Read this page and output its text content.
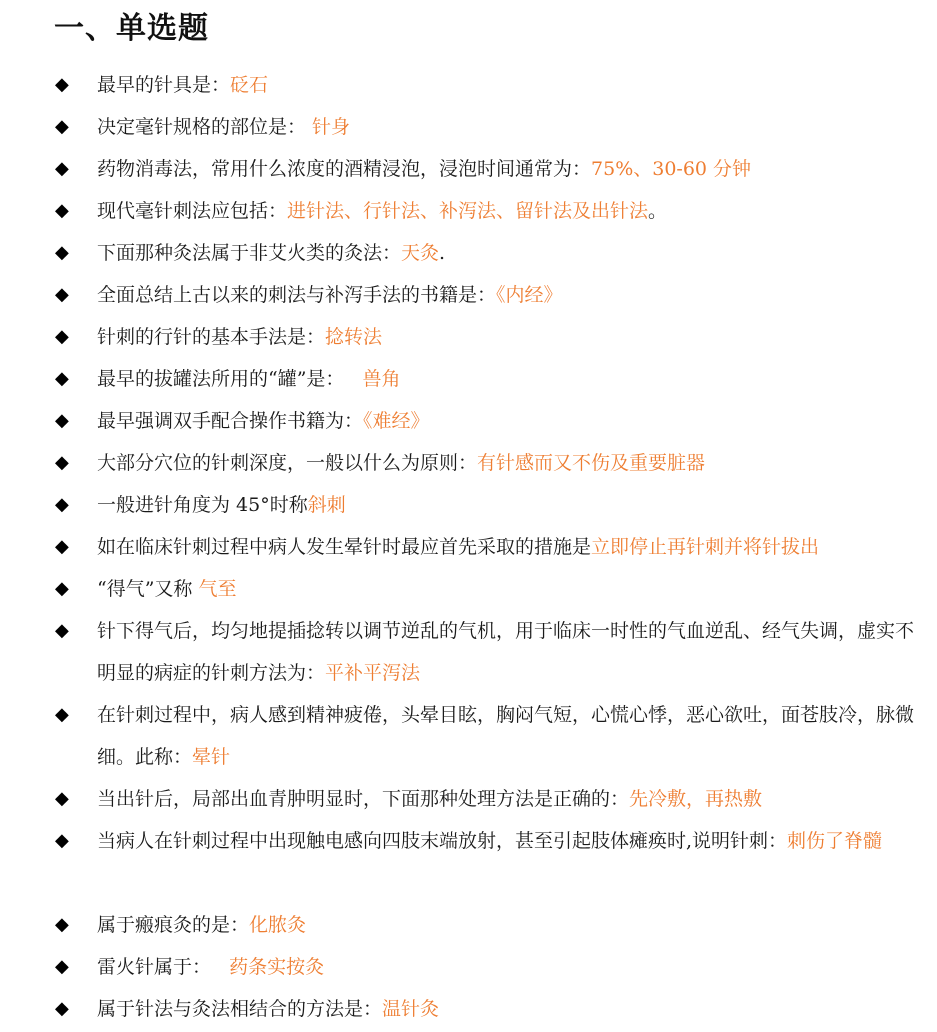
一、单选题
◆ 最早的针具是：砭石
◆ 决定毫针规格的部位是： 针身
◆ 药物消毒法，常用什么浓度的酒精浸泡，浸泡时间通常为：75%、30-60 分钟
◆ 现代毫针刺法应包括：进针法、行针法、补泻法、留针法及出针法。
◆ 下面那种灸法属于非艾火类的灸法：天灸.
◆ 全面总结上古以来的刺法与补泻手法的书籍是：《内经》
◆ 针刺的行针的基本手法是：捻转法
◆ 最早的拔罐法所用的“罐”是：   兽角
◆ 最早强调双手配合操作书籍为：《难经》
◆ 大部分穴位的针刺深度，一般以什么为原则：有针感而又不伤及重要脏器
◆ 一般进针角度为 45°时称斜刺
◆ 如在临床针刺过程中病人发生晕针时最应首先采取的措施是立即停止再针刺并将针拔出
◆ “得气”又称 气至
◆ 针下得气后，均匀地提插捻转以调节逆乱的气机，用于临床一时性的气血逆乱、经气失调，虚实不明显的病症的针刺方法为：平补平泻法
◆ 在针刺过程中，病人感到精神疲倦，头晕目眩，胸闷气短，心慌心悸，恶心欲吐，面苍肢冷，脉微细。此称：晕针
◆ 当出针后，局部出血青肿明显时，下面那种处理方法是正确的：先冷敷，再热敷
◆ 当病人在针刺过程中出现触电感向四肢末端放射，甚至引起肢体瘫痪时,说明针刺：刺伤了脊髓
◆ 属于瘢痕灸的是：化脓灸
◆ 雷火针属于：   药条实按灸
◆ 属于针法与灸法相结合的方法是：温针灸
